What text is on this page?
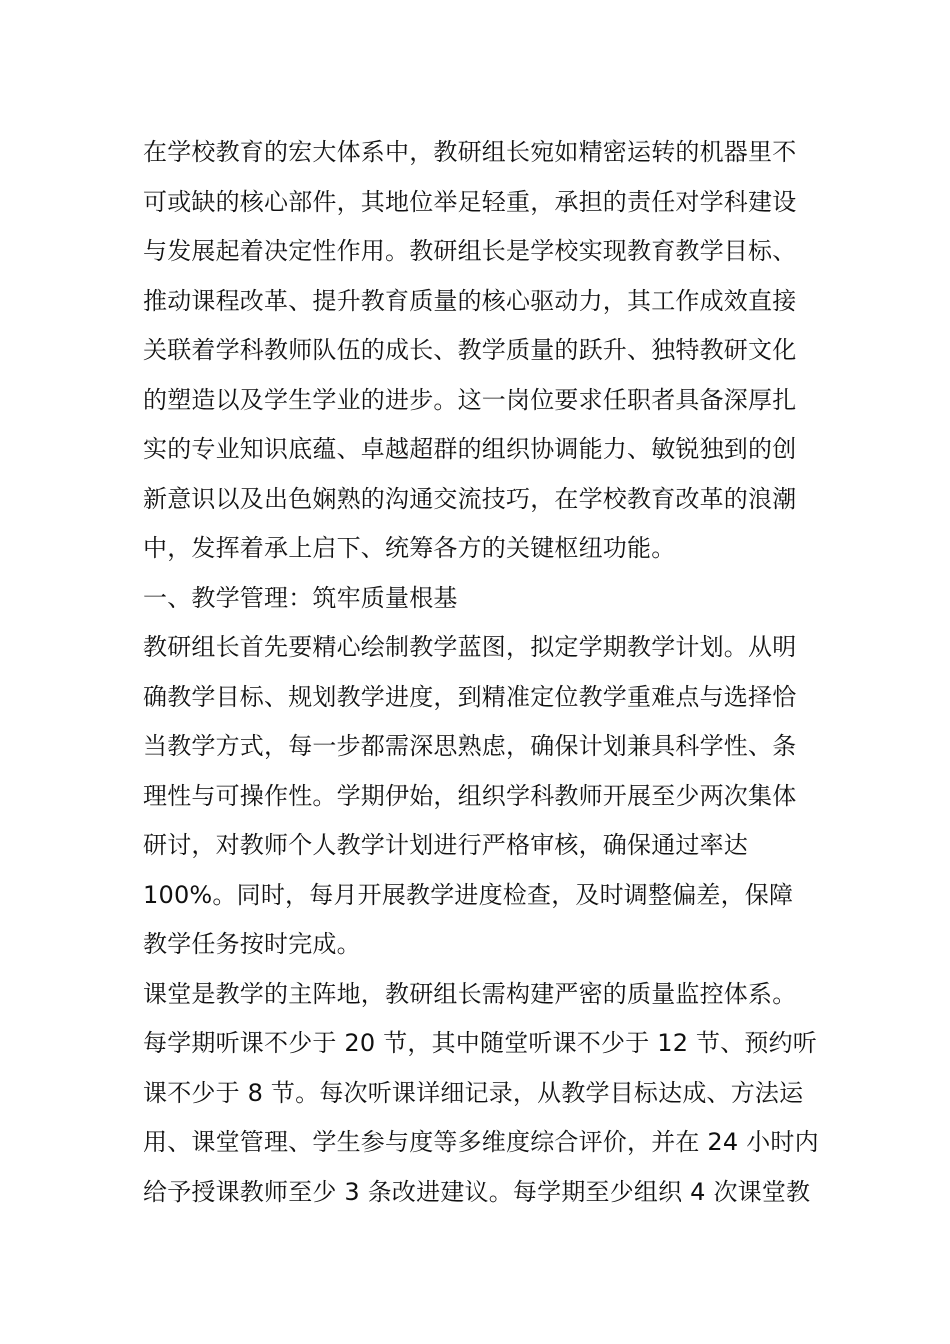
在学校教育的宏大体系中，教研组长宛如精密运转的机器里不
可或缺的核心部件，其地位举足轻重，承担的责任对学科建设
与发展起着决定性作用。教研组长是学校实现教育教学目标、
推动课程改革、提升教育质量的核心驱动力，其工作成效直接
关联着学科教师队伍的成长、教学质量的跃升、独特教研文化
的塑造以及学生学业的进步。这一岗位要求任职者具备深厚扎
实的专业知识底蕴、卓越超群的组织协调能力、敏锐独到的创
新意识以及出色娴熟的沟通交流技巧，在学校教育改革的浪潮
中，发挥着承上启下、统筹各方的关键枢纽功能。
一、教学管理：筑牢质量根基
教研组长首先要精心绘制教学蓝图，拟定学期教学计划。从明
确教学目标、规划教学进度，到精准定位教学重难点与选择恰
当教学方式，每一步都需深思熟虑，确保计划兼具科学性、条
理性与可操作性。学期伊始，组织学科教师开展至少两次集体
研讨，对教师个人教学计划进行严格审核，确保通过率达
100%。同时，每月开展教学进度检查，及时调整偏差，保障
教学任务按时完成。
课堂是教学的主阵地，教研组长需构建严密的质量监控体系。
每学期听课不少于 20 节，其中随堂听课不少于 12 节、预约听
课不少于 8 节。每次听课详细记录，从教学目标达成、方法运
用、课堂管理、学生参与度等多维度综合评价，并在 24 小时内
给予授课教师至少 3 条改进建议。每学期至少组织 4 次课堂教
